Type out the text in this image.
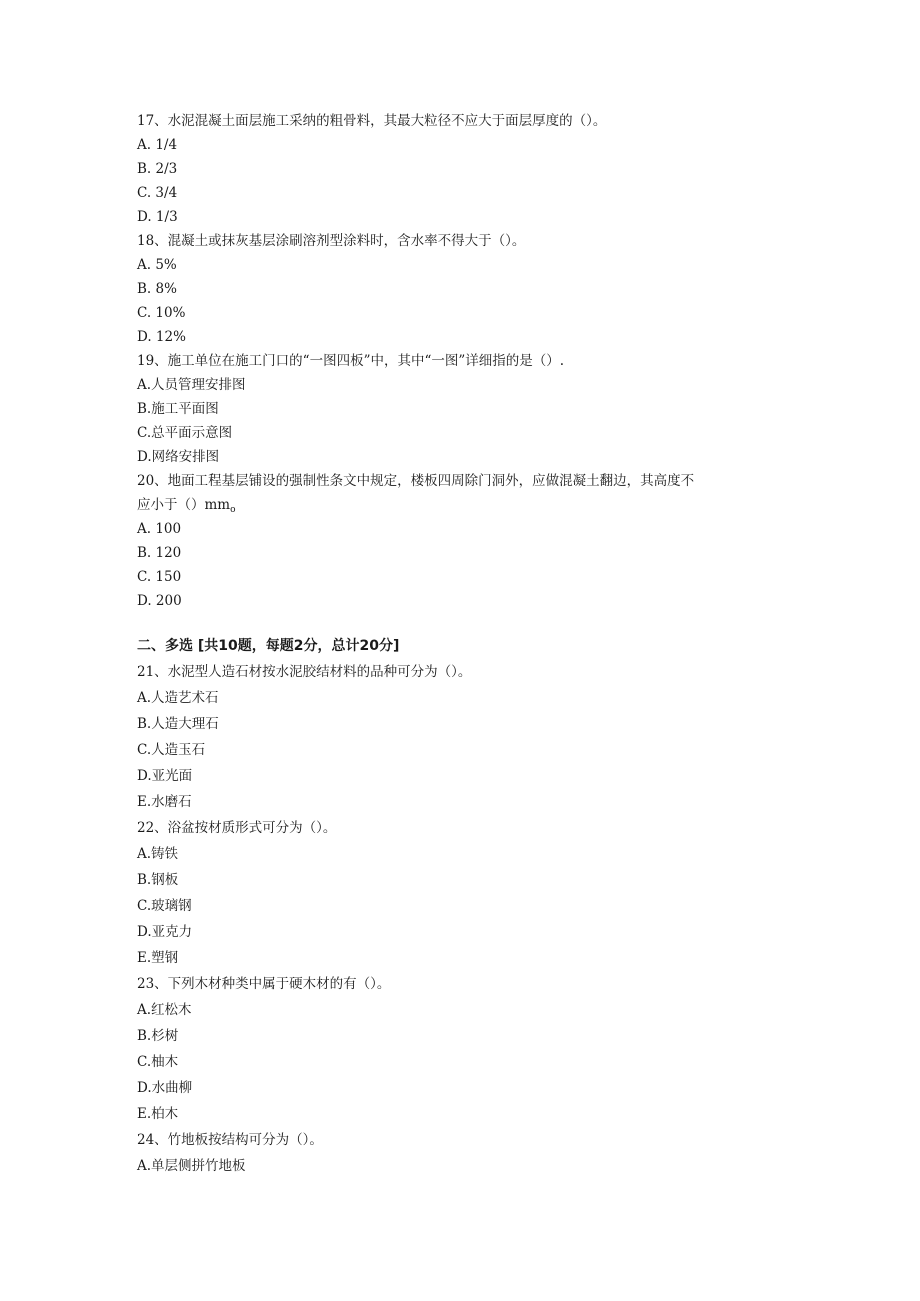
17、水泥混凝土面层施工采纳的粗骨料，其最大粒径不应大于面层厚度的（）。
A. 1/4
B. 2/3
C. 3/4
D. 1/3
18、混凝土或抹灰基层涂刷溶剂型涂料时，含水率不得大于（）。
A. 5%
B. 8%
C. 10%
D. 12%
19、施工单位在施工门口的“一图四板”中，其中“一图”详细指的是（）.
A.人员管理安排图
B.施工平面图
C.总平面示意图
D.网络安排图
20、地面工程基层铺设的强制性条文中规定，楼板四周除门洞外，应做混凝土翻边，其高度不
应小于$()mm_o$
A. 100
B. 120
C. 150
D. 200
二、多选 [共10题，每题2分，总计20分]
21、水泥型人造石材按水泥胶结材料的品种可分为（）。
A.人造艺术石
B.人造大理石
C.人造玉石
D.亚光面
E.水磨石
22、浴盆按材质形式可分为（）。
A.铸铁
B.钢板
C.玻璃钢
D.亚克力
E.塑钢
23、下列木材种类中属于硬木材的有（）。
A.红松木
B.杉树
C.柚木
D.水曲柳
E.柏木
24、竹地板按结构可分为（）。
A.单层侧拼竹地板
